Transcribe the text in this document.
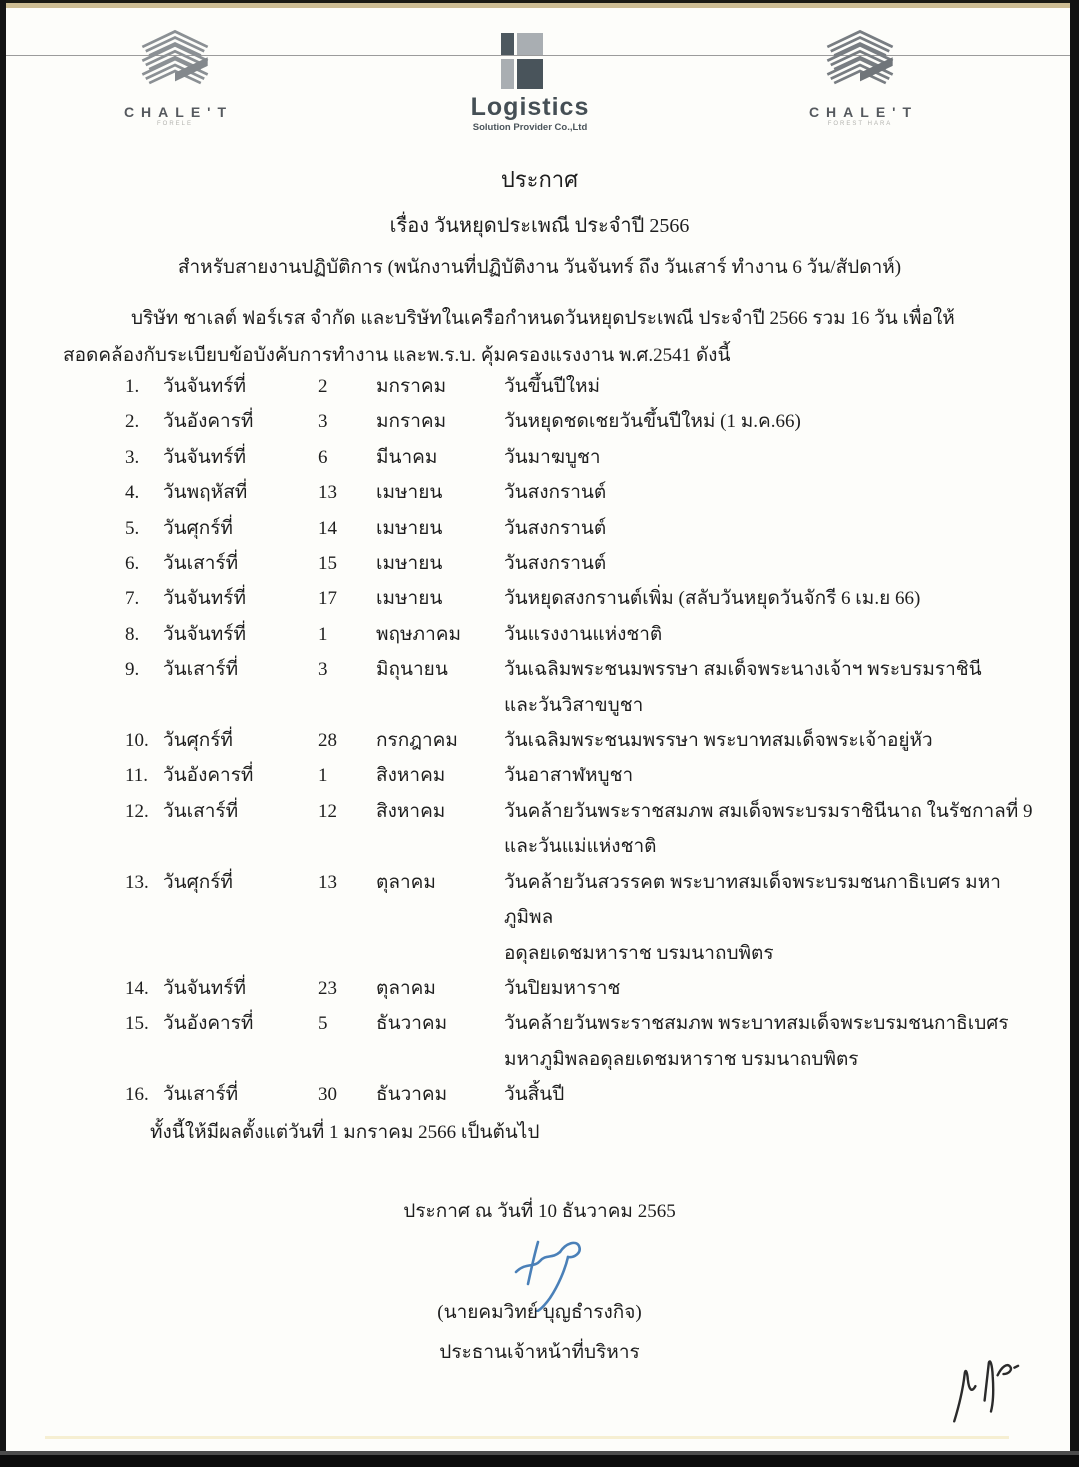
CHALE'T
FORELE
Logistics
Solution Provider Co.,Ltd
CHALE'T
FOREST HARA
ประกาศ
เรื่อง วันหยุดประเพณี ประจำปี 2566
สำหรับสายงานปฏิบัติการ (พนักงานที่ปฏิบัติงาน วันจันทร์ ถึง วันเสาร์ ทำงาน 6 วัน/สัปดาห์)
บริษัท ชาเลต์ ฟอร์เรส จำกัด และบริษัทในเครือกำหนดวันหยุดประเพณี ประจำปี 2566 รวม 16 วัน เพื่อให้
สอดคล้องกับระเบียบข้อบังคับการทำงาน และพ.ร.บ. คุ้มครองแรงงาน พ.ศ.2541 ดังนี้
1.	วันจันทร์ที่	2	มกราคม	วันขึ้นปีใหม่
2.	วันอังคารที่	3	มกราคม	วันหยุดชดเชยวันขึ้นปีใหม่ (1 ม.ค.66)
3.	วันจันทร์ที่	6	มีนาคม	วันมาฆบูชา
4.	วันพฤหัสที่	13	เมษายน	วันสงกรานต์
5.	วันศุกร์ที่	14	เมษายน	วันสงกรานต์
6.	วันเสาร์ที่	15	เมษายน	วันสงกรานต์
7.	วันจันทร์ที่	17	เมษายน	วันหยุดสงกรานต์เพิ่ม (สลับวันหยุดวันจักรี 6 เม.ย 66)
8.	วันจันทร์ที่	1	พฤษภาคม	วันแรงงานแห่งชาติ
9.	วันเสาร์ที่	3	มิถุนายน	วันเฉลิมพระชนมพรรษา สมเด็จพระนางเจ้าฯ พระบรมราชินี
และวันวิสาขบูชา
10. วันศุกร์ที่	28	กรกฎาคม	วันเฉลิมพระชนมพรรษา พระบาทสมเด็จพระเจ้าอยู่หัว
11. วันอังคารที่	1	สิงหาคม	วันอาสาฬหบูชา
12. วันเสาร์ที่	12	สิงหาคม	วันคล้ายวันพระราชสมภพ สมเด็จพระบรมราชินีนาถ ในรัชกาลที่ 9
และวันแม่แห่งชาติ
13. วันศุกร์ที่	13	ตุลาคม	วันคล้ายวันสวรรคต พระบาทสมเด็จพระบรมชนกาธิเบศร มหาภูมิพล
อดุลยเดชมหาราช บรมนาถบพิตร
14. วันจันทร์ที่	23	ตุลาคม	วันปิยมหาราช
15. วันอังคารที่	5	ธันวาคม	วันคล้ายวันพระราชสมภพ พระบาทสมเด็จพระบรมชนกาธิเบศร
มหาภูมิพลอดุลยเดชมหาราช บรมนาถบพิตร
16. วันเสาร์ที่	30	ธันวาคม	วันสิ้นปี
ทั้งนี้ให้มีผลตั้งแต่วันที่ 1 มกราคม 2566 เป็นต้นไป
ประกาศ ณ วันที่ 10 ธันวาคม 2565
(นายคมวิทย์ บุญธำรงกิจ)
ประธานเจ้าหน้าที่บริหาร
